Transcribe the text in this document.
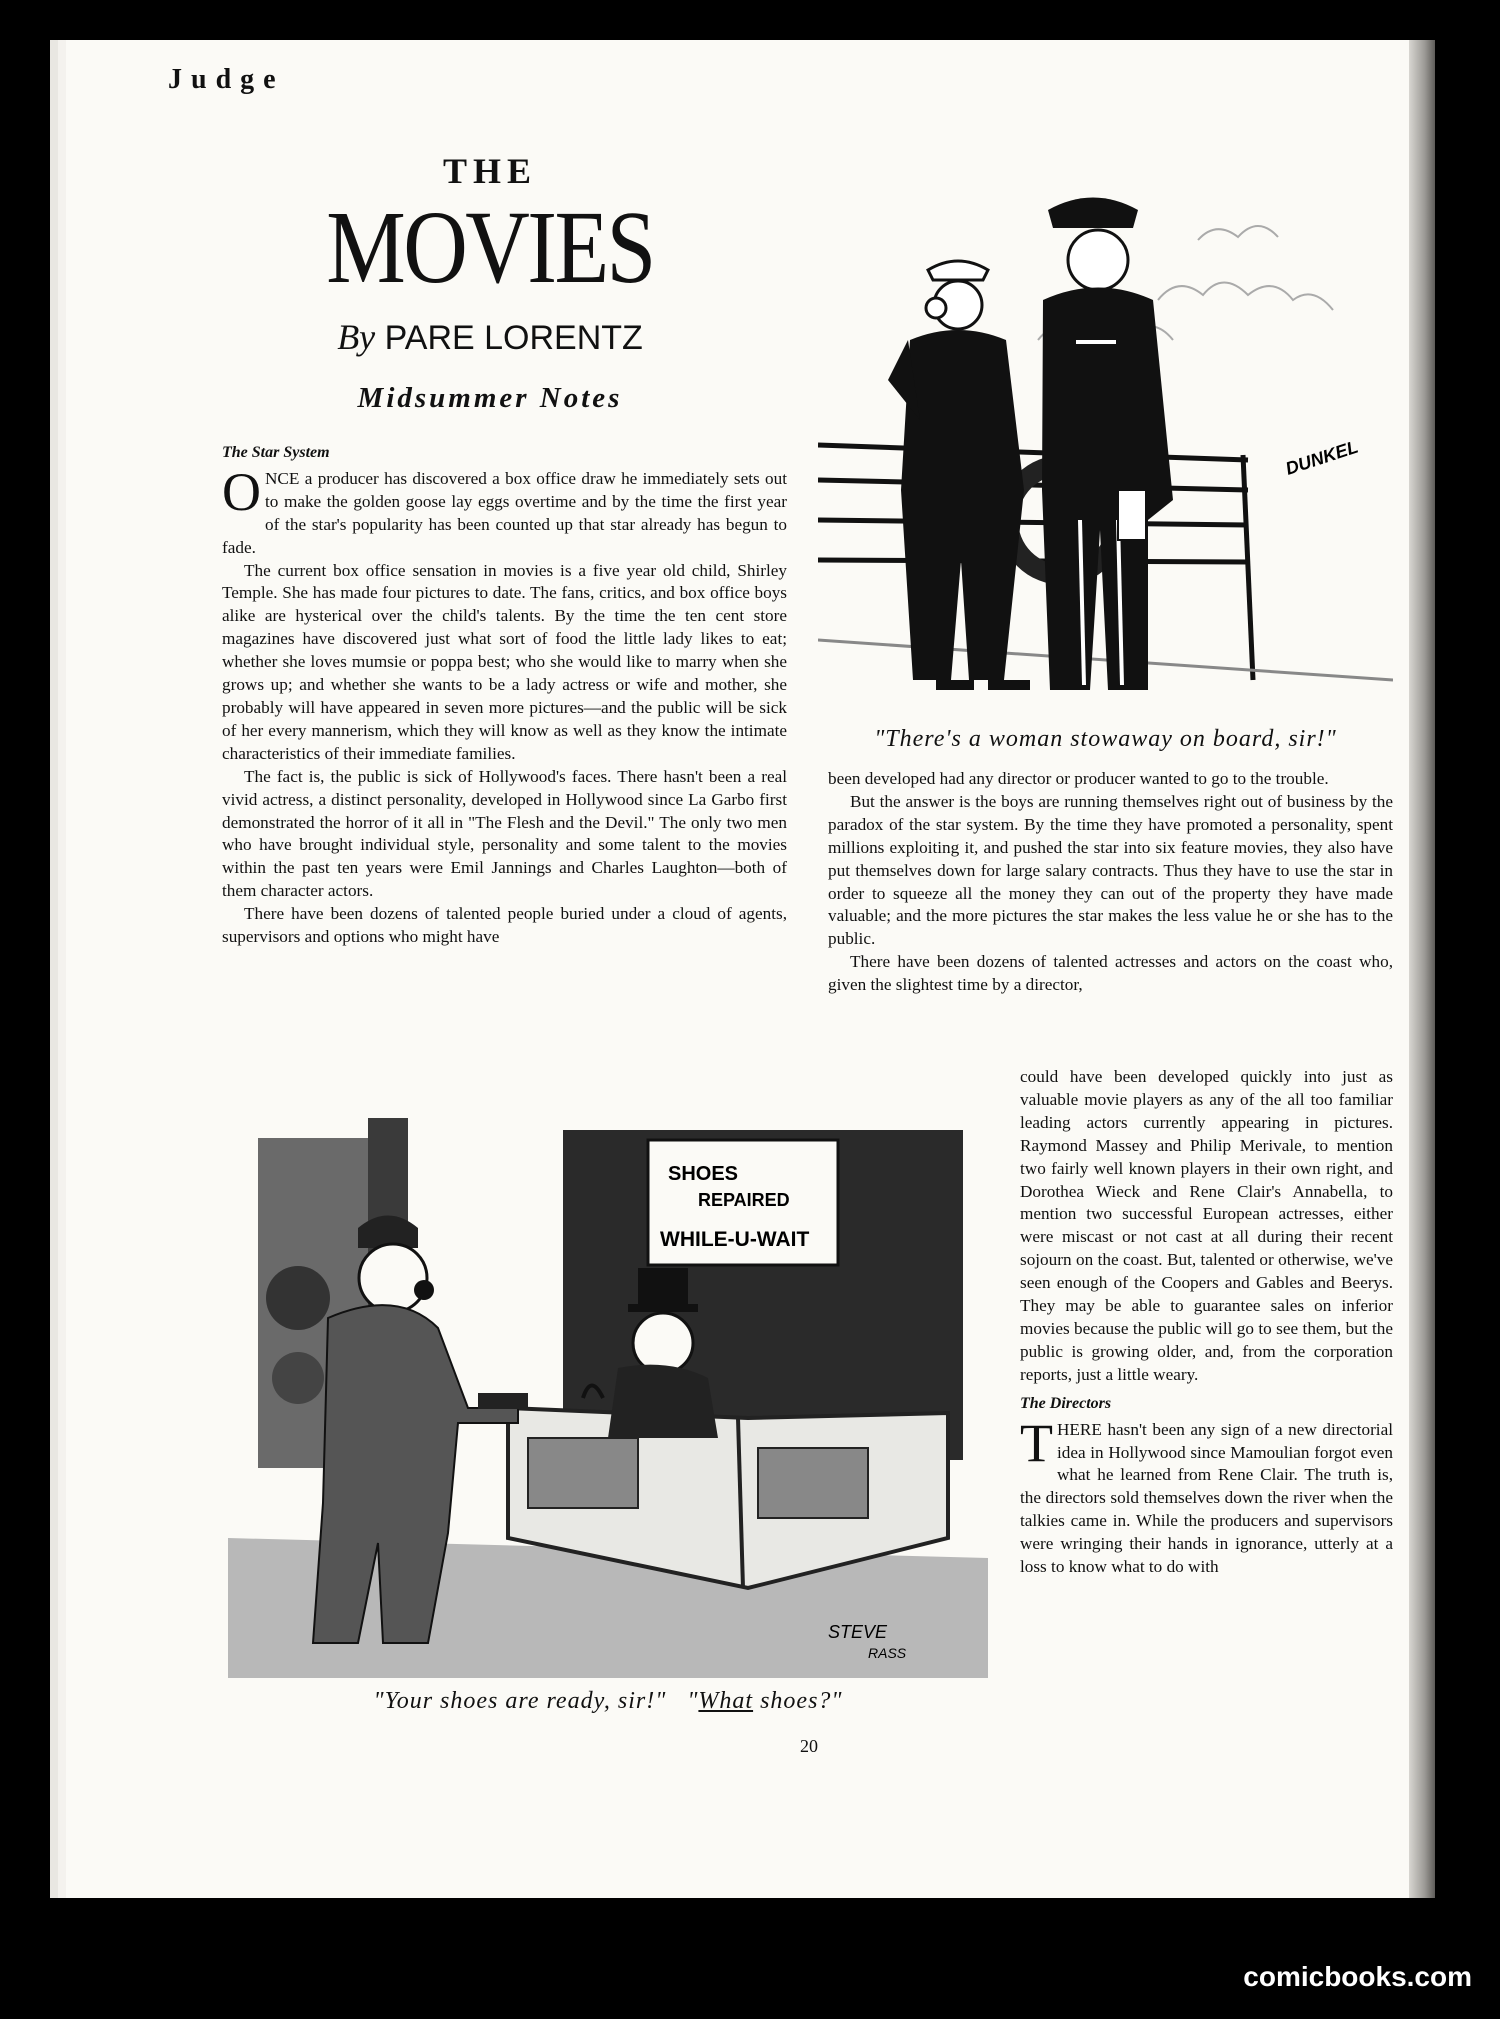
Judge
THE
MOVIES
By PARE LORENTZ
Midsummer Notes
The Star System

ONCE a producer has discovered a box office draw he immediately sets out to make the golden goose lay eggs overtime and by the time the first year of the star's popularity has been counted up that star already has begun to fade.

The current box office sensation in movies is a five year old child, Shirley Temple. She has made four pictures to date. The fans, critics, and box office boys alike are hysterical over the child's talents. By the time the ten cent store magazines have discovered just what sort of food the little lady likes to eat; whether she loves mumsie or poppa best; who she would like to marry when she grows up; and whether she wants to be a lady actress or wife and mother, she probably will have appeared in seven more pictures—and the public will be sick of her every mannerism, which they will know as well as they know the intimate characteristics of their immediate families.

The fact is, the public is sick of Hollywood's faces. There hasn't been a real vivid actress, a distinct personality, developed in Hollywood since La Garbo first demonstrated the horror of it all in "The Flesh and the Devil." The only two men who have brought individual style, personality and some talent to the movies within the past ten years were Emil Jannings and Charles Laughton—both of them character actors.

There have been dozens of talented people buried under a cloud of agents, supervisors and options who might have

been developed had any director or producer wanted to go to the trouble.

But the answer is the boys are running themselves right out of business by the paradox of the star system. By the time they have promoted a personality, spent millions exploiting it, and pushed the star into six feature movies, they also have put themselves down for large salary contracts. Thus they have to use the star in order to squeeze all the money they can out of the property they have made valuable; and the more pictures the star makes the less value he or she has to the public.

There have been dozens of talented actresses and actors on the coast who, given the slightest time by a director,

could have been developed quickly into just as valuable movie players as any of the all too familiar leading actors currently appearing in pictures. Raymond Massey and Philip Merivale, to mention two fairly well known players in their own right, and Dorothea Wieck and Rene Clair's Annabella, to mention two successful European actresses, either were miscast or not cast at all during their recent sojourn on the coast. But, talented or otherwise, we've seen enough of the Coopers and Gables and Beerys. They may be able to guarantee sales on inferior movies because the public will go to see them, but the public is growing older, and, from the corporation reports, just a little weary.

The Directors

THERE hasn't been any sign of a new directorial idea in Hollywood since Mamoulian forgot even what he learned from Rene Clair. The truth is, the directors sold themselves down the river when the talkies came in. While the producers and supervisors were wringing their hands in ignorance, utterly at a loss to know what to do with

DUNKEL
"There's a woman stowaway on board, sir!"
SHOES
REPAIRED
WHILE-U-WAIT
STEVE
RASS
"Your shoes are ready, sir!" "What shoes?"
20
comicbooks.com
